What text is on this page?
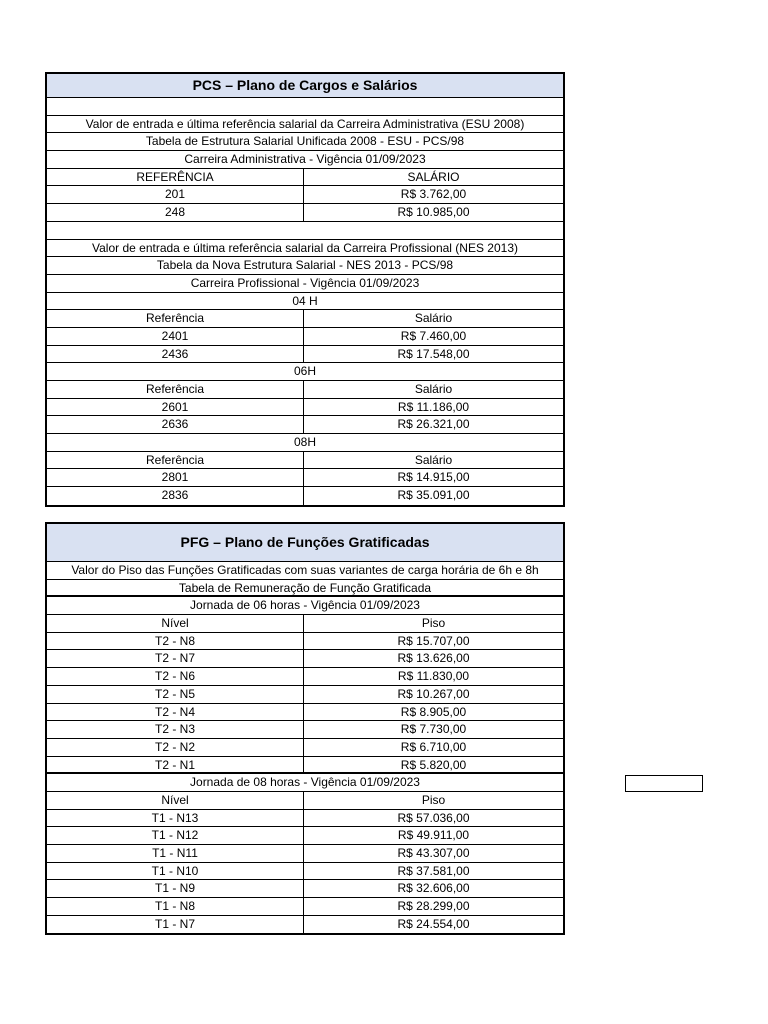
PCS – Plano de Cargos e Salários
Valor de entrada e última referência salarial da Carreira Administrativa (ESU 2008)
Tabela de Estrutura Salarial Unificada 2008 - ESU - PCS/98
Carreira Administrativa - Vigência 01/09/2023
REFERÊNCIA	SALÁRIO
201	R$ 3.762,00
248	R$ 10.985,00
Valor de entrada e última referência salarial da Carreira Profissional (NES 2013)
Tabela da Nova Estrutura Salarial - NES 2013 - PCS/98
Carreira Profissional - Vigência 01/09/2023
04 H
Referência	Salário
2401	R$ 7.460,00
2436	R$ 17.548,00
06H
Referência	Salário
2601	R$ 11.186,00
2636	R$ 26.321,00
08H
Referência	Salário
2801	R$ 14.915,00
2836	R$ 35.091,00
PFG – Plano de Funções Gratificadas
Valor do Piso das Funções Gratificadas com suas variantes de carga horária de 6h e 8h
Tabela de Remuneração de Função Gratificada
Jornada de 06 horas - Vigência 01/09/2023
Nível	Piso
T2 - N8	R$ 15.707,00
T2 - N7	R$ 13.626,00
T2 - N6	R$ 11.830,00
T2 - N5	R$ 10.267,00
T2 - N4	R$ 8.905,00
T2 - N3	R$ 7.730,00
T2 - N2	R$ 6.710,00
T2 - N1	R$ 5.820,00
Jornada de 08 horas - Vigência 01/09/2023
Nível	Piso
T1 - N13	R$ 57.036,00
T1 - N12	R$ 49.911,00
T1 - N11	R$ 43.307,00
T1 - N10	R$ 37.581,00
T1 - N9	R$ 32.606,00
T1 - N8	R$ 28.299,00
T1 - N7	R$ 24.554,00
